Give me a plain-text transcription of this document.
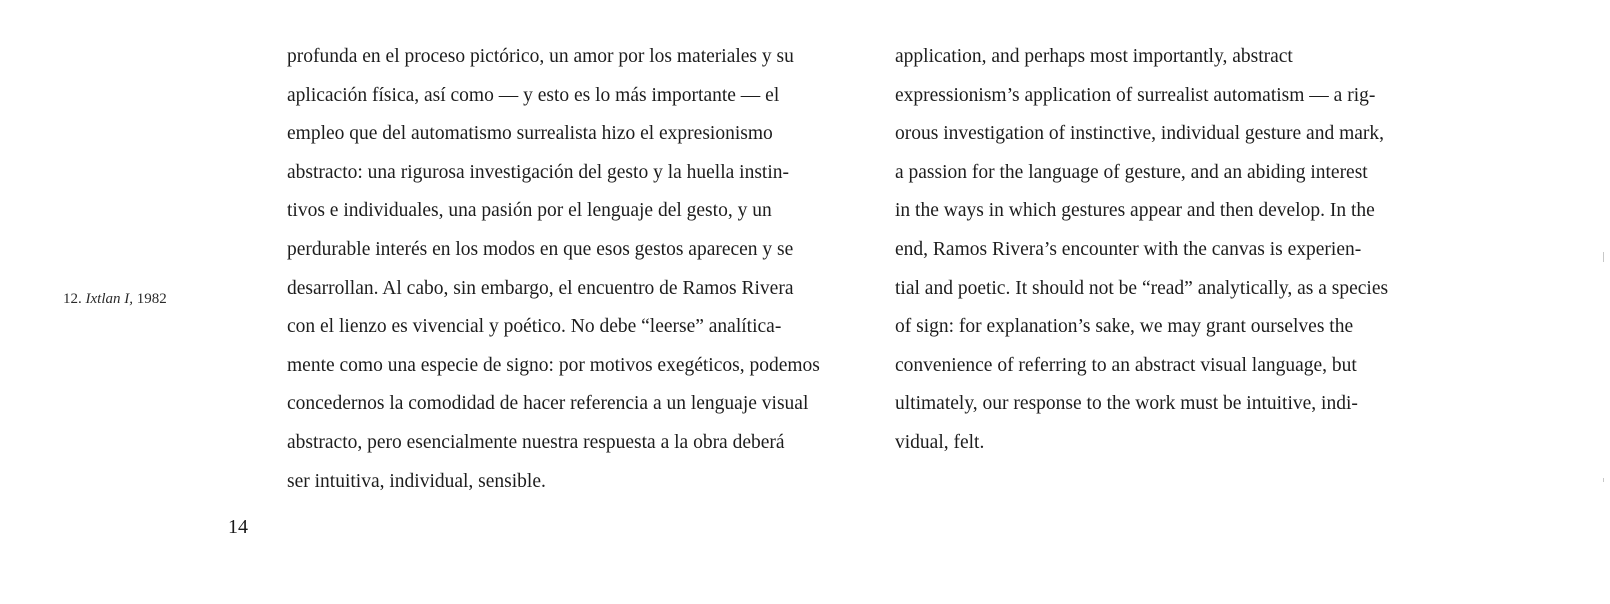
12. Ixtlan I, 1982
profunda en el proceso pictórico, un amor por los materiales y su
aplicación física, así como — y esto es lo más importante — el
empleo que del automatismo surrealista hizo el expresionismo
abstracto: una rigurosa investigación del gesto y la huella instin-
tivos e individuales, una pasión por el lenguaje del gesto, y un
perdurable interés en los modos en que esos gestos aparecen y se
desarrollan. Al cabo, sin embargo, el encuentro de Ramos Rivera
con el lienzo es vivencial y poético. No debe “leerse” analítica-
mente como una especie de signo: por motivos exegéticos, podemos
concedernos la comodidad de hacer referencia a un lenguaje visual
abstracto, pero esencialmente nuestra respuesta a la obra deberá
ser intuitiva, individual, sensible.
application, and perhaps most importantly, abstract
expressionism’s application of surrealist automatism — a rig-
orous investigation of instinctive, individual gesture and mark,
a passion for the language of gesture, and an abiding interest
in the ways in which gestures appear and then develop. In the
end, Ramos Rivera’s encounter with the canvas is experien-
tial and poetic. It should not be “read” analytically, as a species
of sign: for explanation’s sake, we may grant ourselves the
convenience of referring to an abstract visual language, but
ultimately, our response to the work must be intuitive, indi-
vidual, felt.
14
